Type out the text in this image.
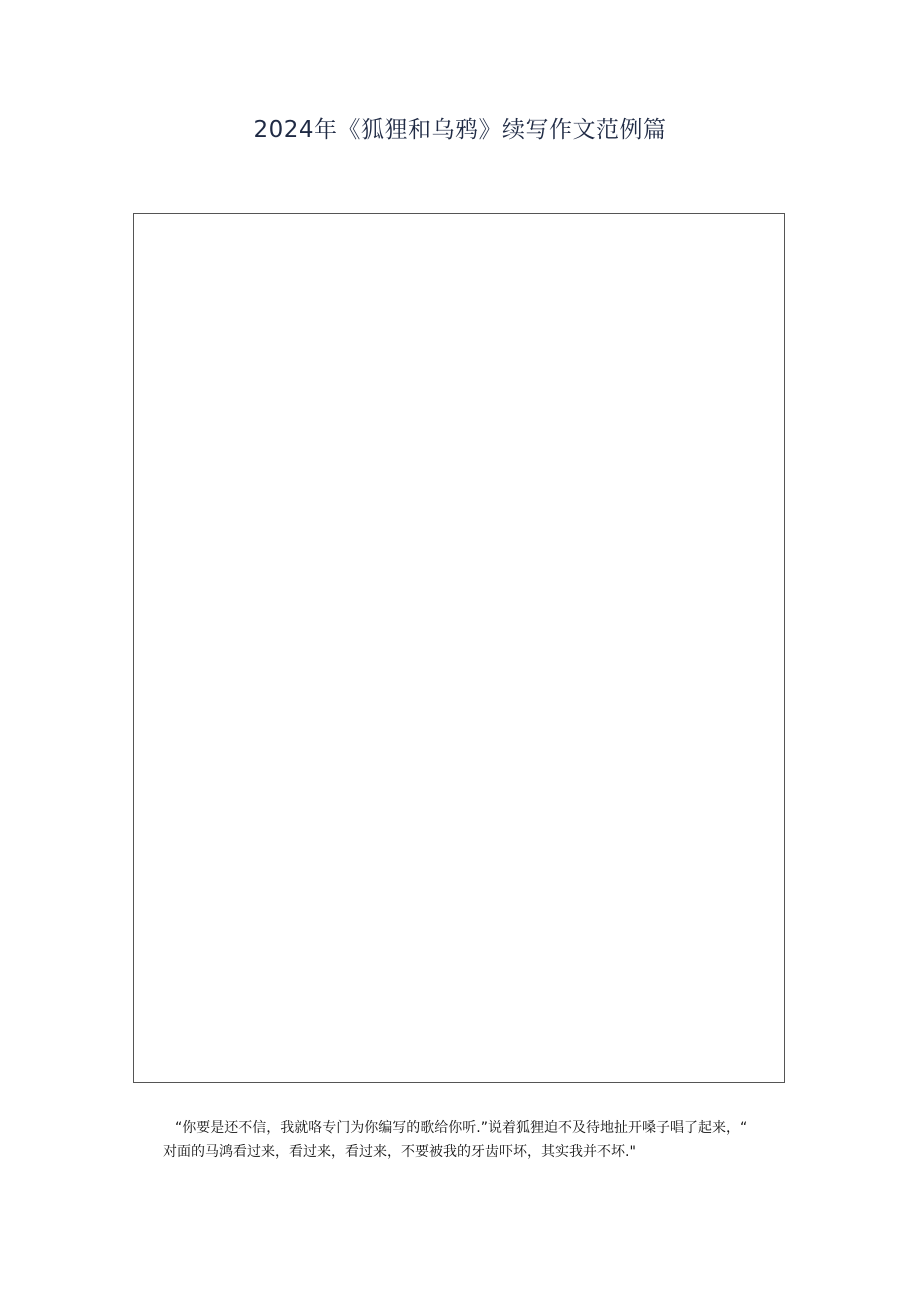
2024年《狐狸和乌鸦》续写作文范例篇
“你要是还不信，我就咯专门为你编写的歌给你听.”说着狐狸迫不及待地扯开嗓子唱了起来，“
对面的马鸿看过来，看过来，看过来，不要被我的牙齿吓坏，其实我并不坏."
